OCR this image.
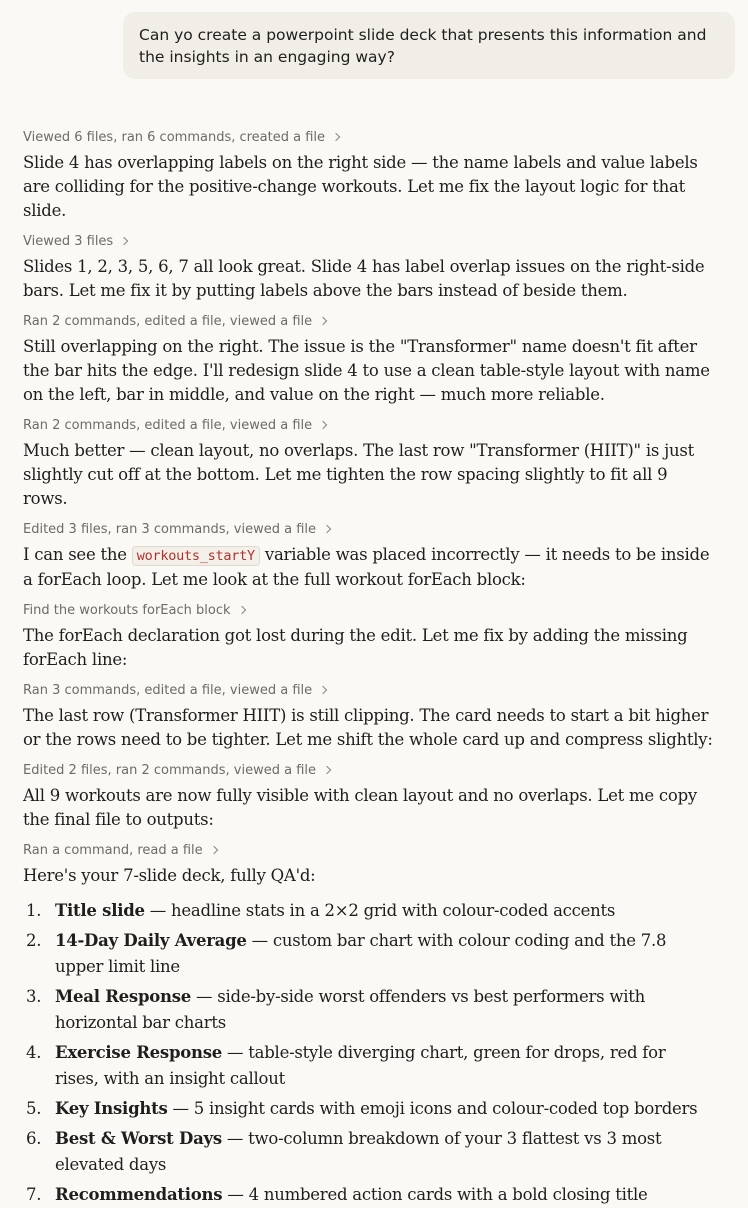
Can yo create a powerpoint slide deck that presents this information and the insights in an engaging way?
Viewed 6 files, ran 6 commands, created a file

Slide 4 has overlapping labels on the right side — the name labels and value labels are colliding for the positive-change workouts. Let me fix the layout logic for that slide.

Viewed 3 files

Slides 1, 2, 3, 5, 6, 7 all look great. Slide 4 has label overlap issues on the right-side bars. Let me fix it by putting labels above the bars instead of beside them.

Ran 2 commands, edited a file, viewed a file

Still overlapping on the right. The issue is the "Transformer" name doesn't fit after the bar hits the edge. I'll redesign slide 4 to use a clean table-style layout with name on the left, bar in middle, and value on the right — much more reliable.

Ran 2 commands, edited a file, viewed a file

Much better — clean layout, no overlaps. The last row "Transformer (HIIT)" is just slightly cut off at the bottom. Let me tighten the row spacing slightly to fit all 9 rows.

Edited 3 files, ran 3 commands, viewed a file

I can see the workouts_startY variable was placed incorrectly — it needs to be inside a forEach loop. Let me look at the full workout forEach block:

Find the workouts forEach block

The forEach declaration got lost during the edit. Let me fix by adding the missing forEach line:

Ran 3 commands, edited a file, viewed a file

The last row (Transformer HIIT) is still clipping. The card needs to start a bit higher or the rows need to be tighter. Let me shift the whole card up and compress slightly:

Edited 2 files, ran 2 commands, viewed a file

All 9 workouts are now fully visible with clean layout and no overlaps. Let me copy the final file to outputs:

Ran a command, read a file

Here's your 7-slide deck, fully QA'd:

1. Title slide — headline stats in a 2×2 grid with colour-coded accents
2. 14-Day Daily Average — custom bar chart with colour coding and the 7.8 upper limit line
3. Meal Response — side-by-side worst offenders vs best performers with horizontal bar charts
4. Exercise Response — table-style diverging chart, green for drops, red for rises, with an insight callout
5. Key Insights — 5 insight cards with emoji icons and colour-coded top borders
6. Best & Worst Days — two-column breakdown of your 3 flattest vs 3 most elevated days
7. Recommendations — 4 numbered action cards with a bold closing title
